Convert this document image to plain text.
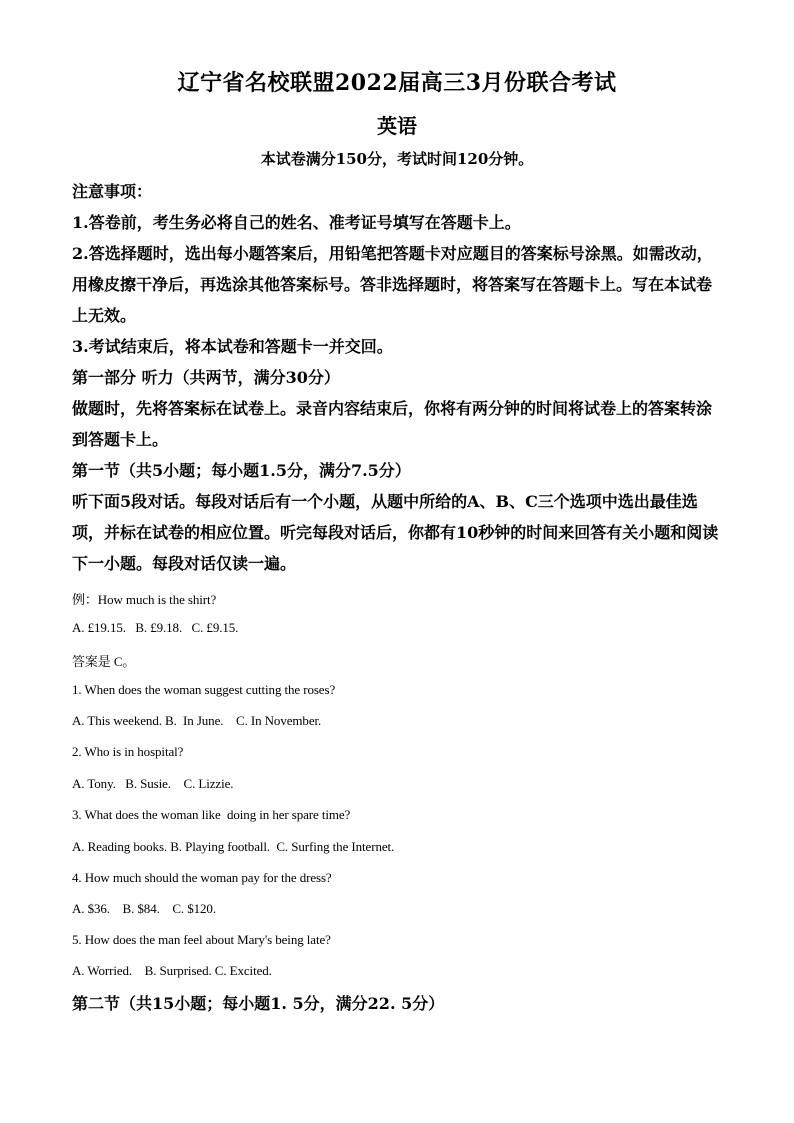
辽宁省名校联盟2022届高三3月份联合考试
英语
本试卷满分150分，考试时间120分钟。
注意事项：
1.答卷前，考生务必将自己的姓名、准考证号填写在答题卡上。
2.答选择题时，选出每小题答案后，用铅笔把答题卡对应题目的答案标号涂黑。如需改动，用橡皮擦干净后，再选涂其他答案标号。答非选择题时，将答案写在答题卡上。写在本试卷上无效。
3.考试结束后，将本试卷和答题卡一并交回。
第一部分 听力（共两节，满分30分）
做题时，先将答案标在试卷上。录音内容结束后，你将有两分钟的时间将试卷上的答案转涂到答题卡上。
第一节（共5小题；每小题1.5分，满分7.5分）
听下面5段对话。每段对话后有一个小题，从题中所给的A、B、C三个选项中选出最佳选项，并标在试卷的相应位置。听完每段对话后，你都有10秒钟的时间来回答有关小题和阅读下一小题。每段对话仅读一遍。
例：How much is the shirt?
A. £19.15.   B. £9.18.   C. £9.15.
答案是 C。
1. When does the woman suggest cutting the roses?
A. This weekend. B.  In June.    C. In November.
2. Who is in hospital?
A. Tony.   B. Susie.    C. Lizzie.
3. What does the woman like  doing in her spare time?
A. Reading books. B. Playing football.  C. Surfing the Internet.
4. How much should the woman pay for the dress?
A. $36.    B. $84.    C. $120.
5. How does the man feel about Mary's being late?
A. Worried.    B. Surprised. C. Excited.
第二节（共15小题；每小题1. 5分，满分22. 5分）
